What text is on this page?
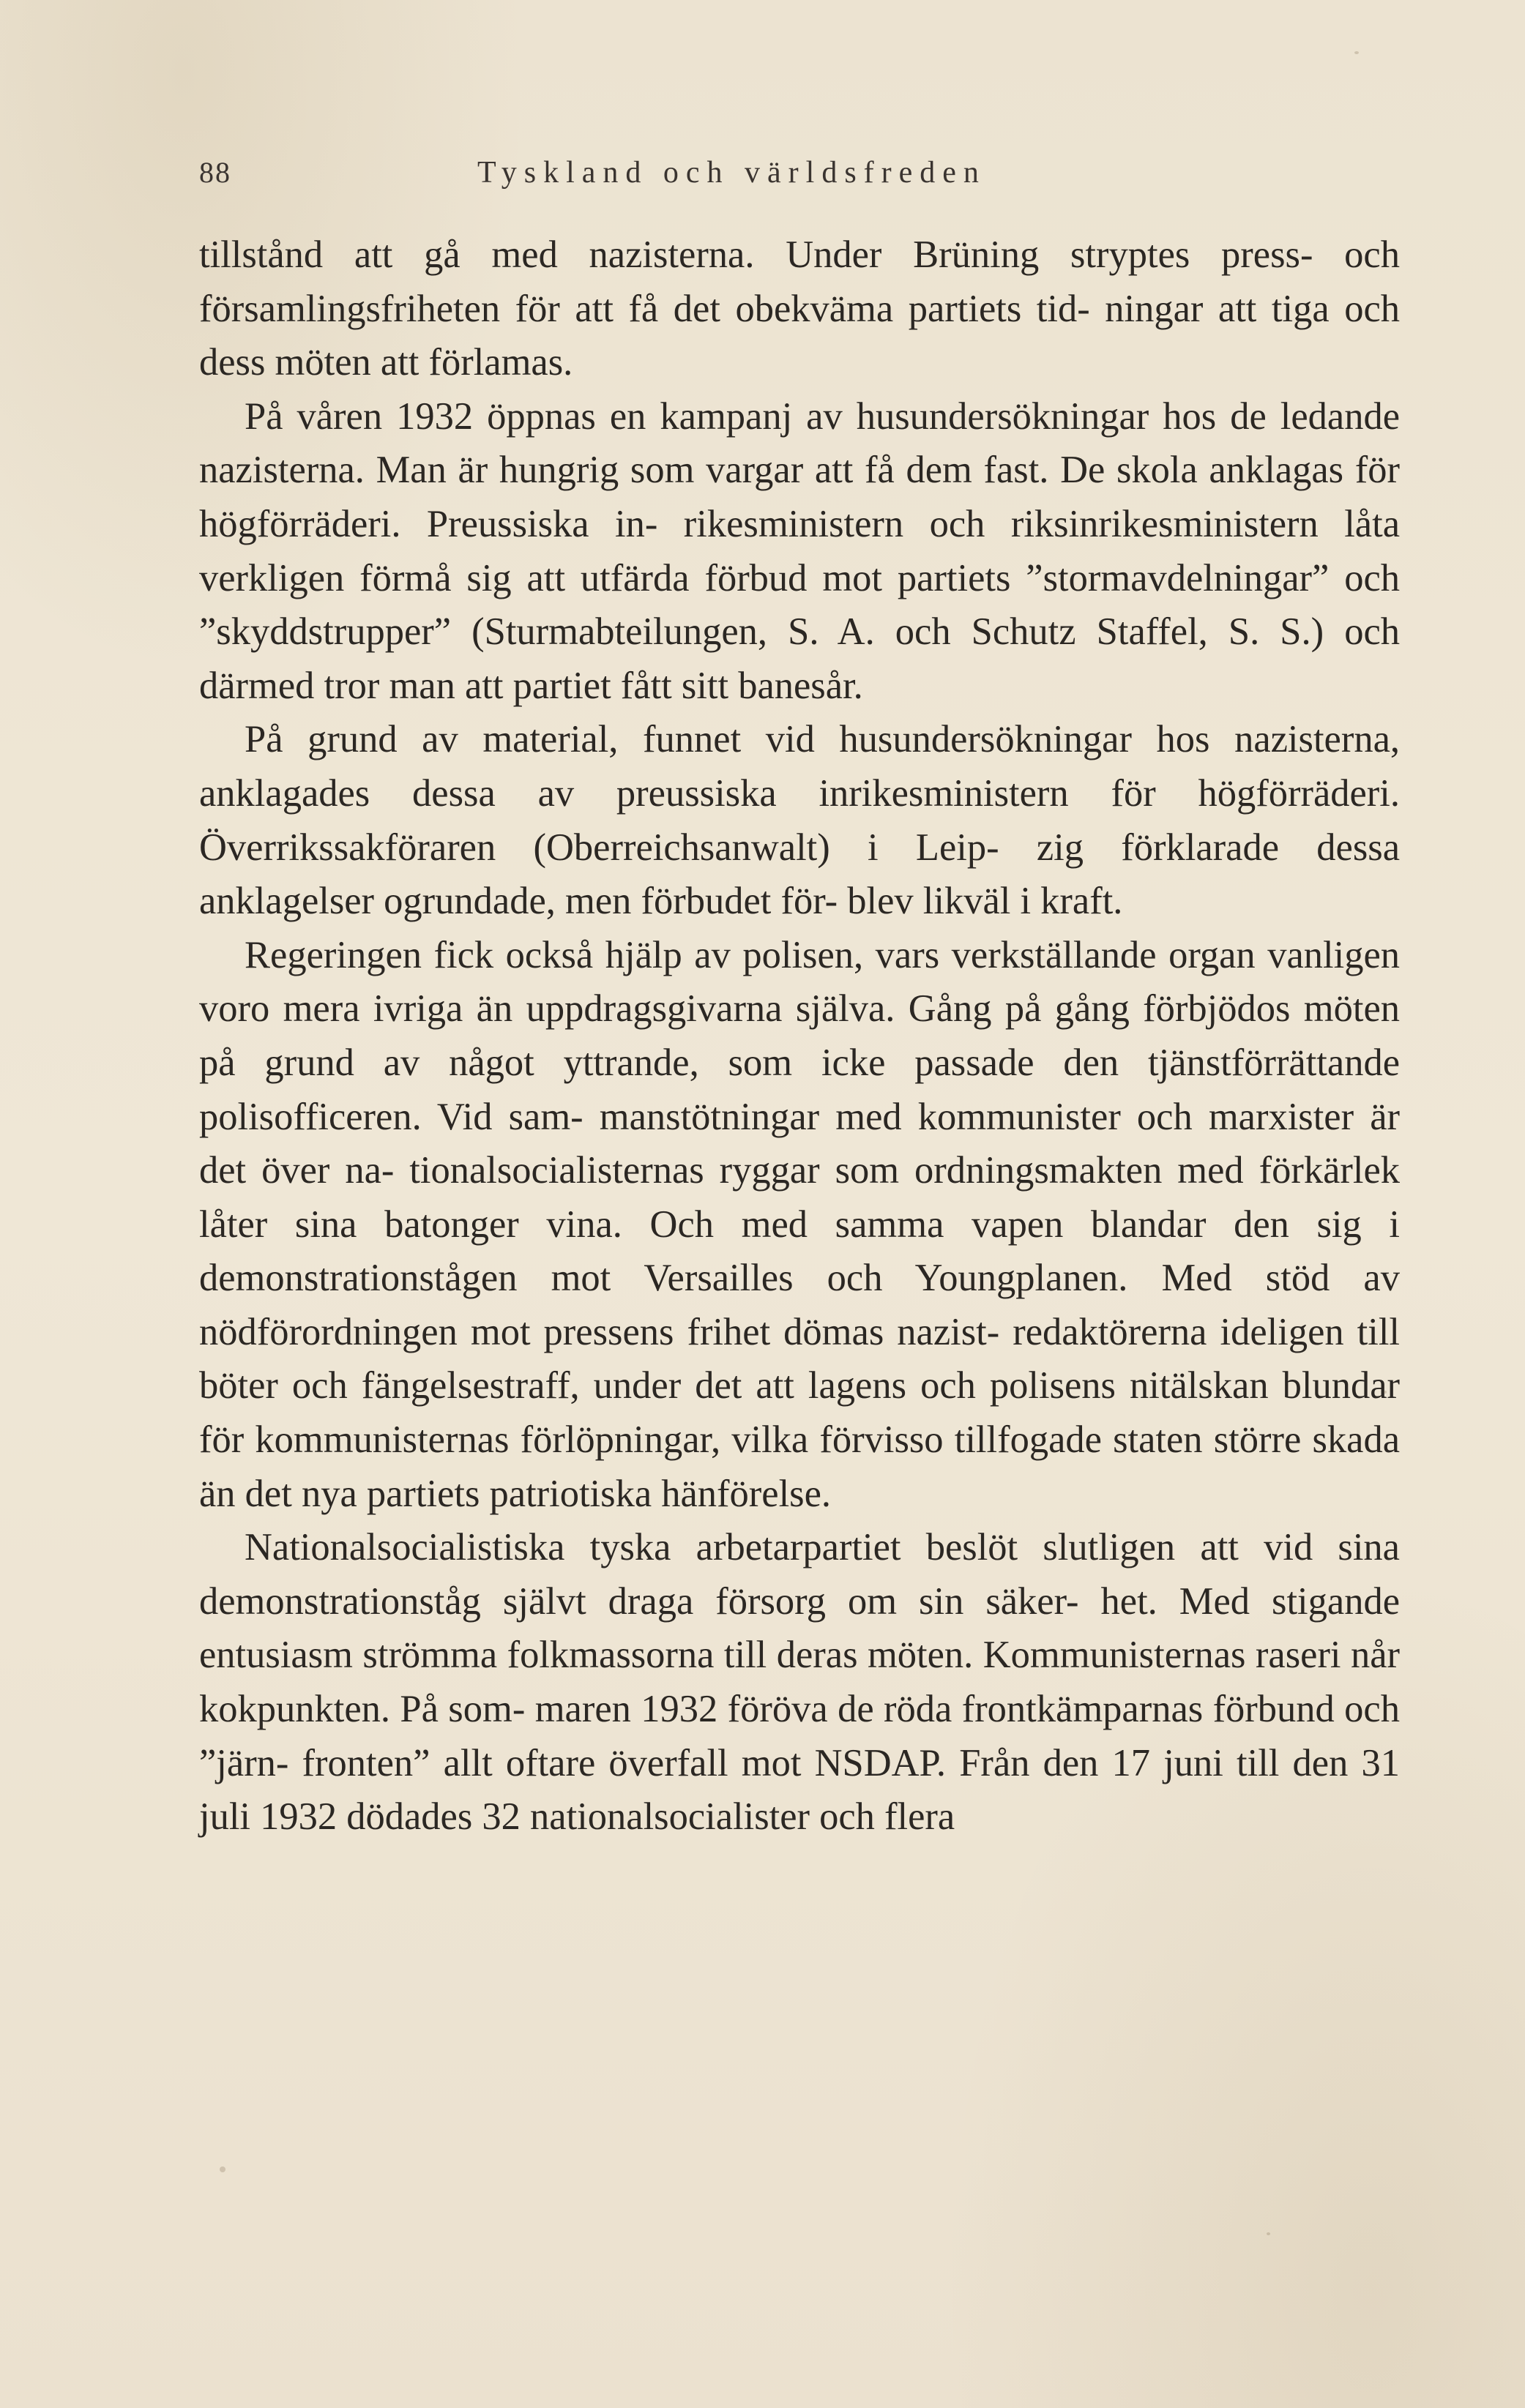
88	Tyskland och världsfreden

tillstånd att gå med nazisterna. Under Brüning stryptes press- och församlingsfriheten för att få det obekväma partiets tid- ningar att tiga och dess möten att förlamas.

På våren 1932 öppnas en kampanj av husundersökningar hos de ledande nazisterna. Man är hungrig som vargar att få dem fast. De skola anklagas för högförräderi. Preussiska in- rikesministern och riksinrikesministern låta verkligen förmå sig att utfärda förbud mot partiets ”stormavdelningar” och ”skyddstrupper” (Sturmabteilungen, S. A. och Schutz Staffel, S. S.) och därmed tror man att partiet fått sitt banesår.

På grund av material, funnet vid husundersökningar hos nazisterna, anklagades dessa av preussiska inrikesministern för högförräderi. Överrikssakföraren (Oberreichsanwalt) i Leip- zig förklarade dessa anklagelser ogrundade, men förbudet för- blev likväl i kraft.

Regeringen fick också hjälp av polisen, vars verkställande organ vanligen voro mera ivriga än uppdragsgivarna själva. Gång på gång förbjödos möten på grund av något yttrande, som icke passade den tjänstförrättande polisofficeren. Vid sam- manstötningar med kommunister och marxister är det över na- tionalsocialisternas ryggar som ordningsmakten med förkärlek låter sina batonger vina. Och med samma vapen blandar den sig i demonstrationstågen mot Versailles och Youngplanen. Med stöd av nödförordningen mot pressens frihet dömas nazist- redaktörerna ideligen till böter och fängelsestraff, under det att lagens och polisens nitälskan blundar för kommunisternas förlöpningar, vilka förvisso tillfogade staten större skada än det nya partiets patriotiska hänförelse.

Nationalsocialistiska tyska arbetarpartiet beslöt slutligen att vid sina demonstrationståg självt draga försorg om sin säker- het. Med stigande entusiasm strömma folkmassorna till deras möten. Kommunisternas raseri når kokpunkten. På som- maren 1932 föröva de röda frontkämparnas förbund och ”järn- fronten” allt oftare överfall mot NSDAP. Från den 17 juni till den 31 juli 1932 dödades 32 nationalsocialister och flera
